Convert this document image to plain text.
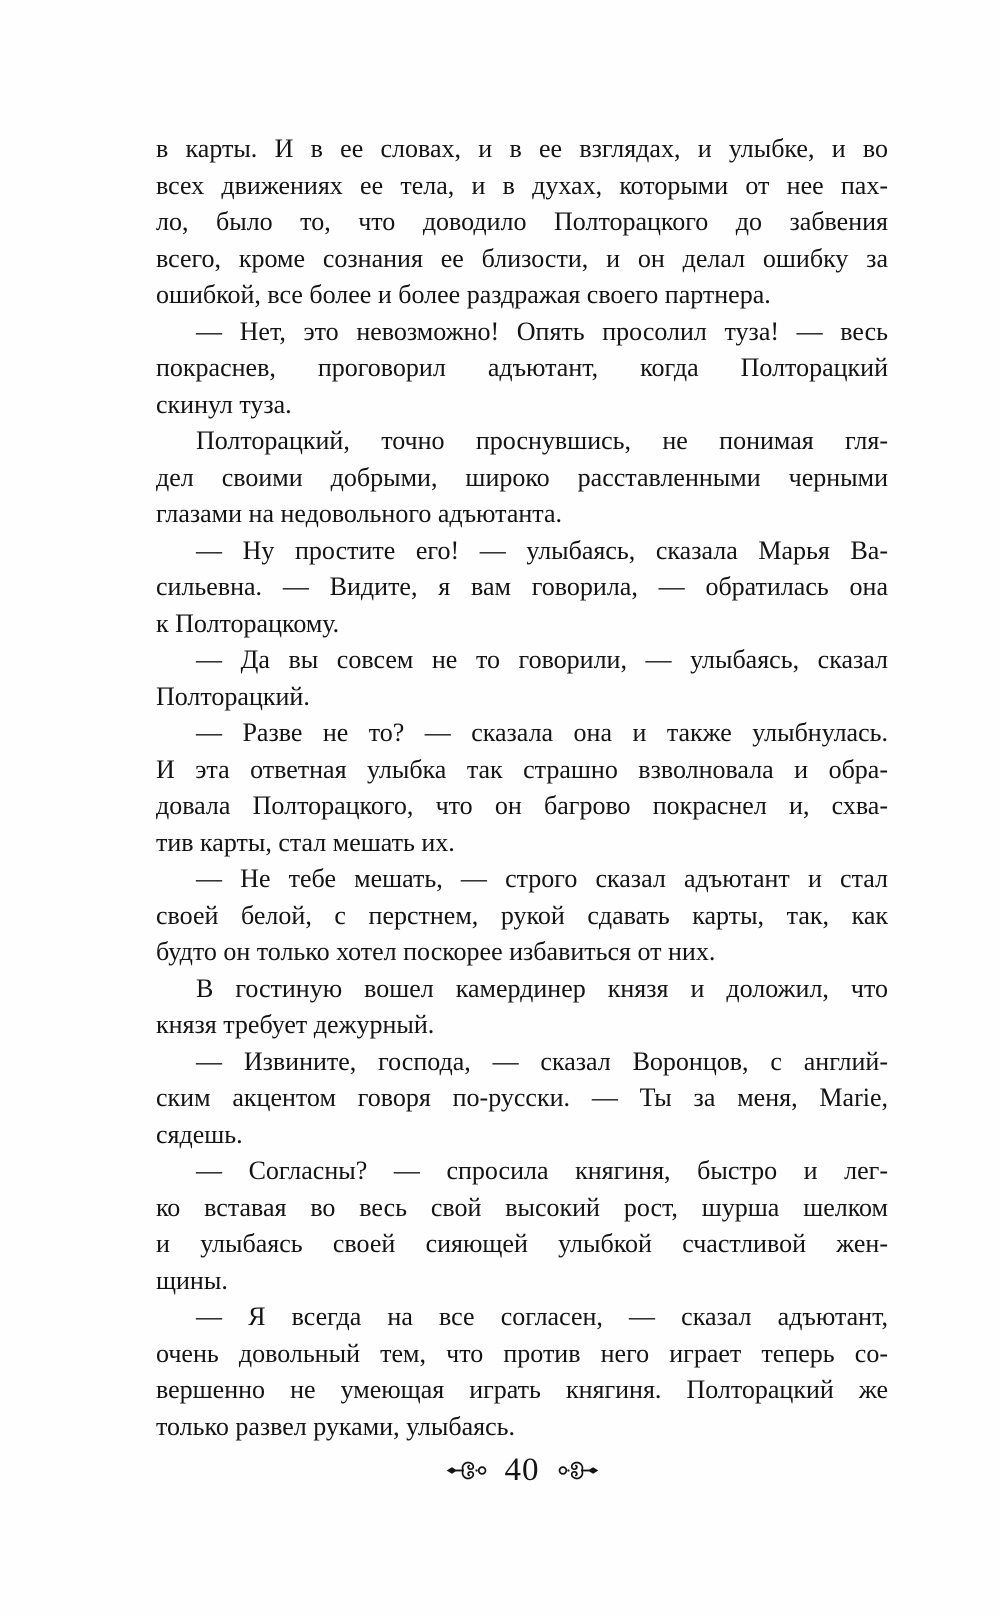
в карты. И в ее словах, и в ее взглядах, и улыбке, и во
всех движениях ее тела, и в духах, которыми от нее пах-
ло, было то, что доводило Полторацкого до забвения
всего, кроме сознания ее близости, и он делал ошибку за
ошибкой, все более и более раздражая своего партнера.
— Нет, это невозможно! Опять просолил туза! — весь
покраснев, проговорил адъютант, когда Полторацкий
скинул туза.
Полторацкий, точно проснувшись, не понимая гля-
дел своими добрыми, широко расставленными черными
глазами на недовольного адъютанта.
— Ну простите его! — улыбаясь, сказала Марья Ва-
сильевна. — Видите, я вам говорила, — обратилась она
к Полторацкому.
— Да вы совсем не то говорили, — улыбаясь, сказал
Полторацкий.
— Разве не то? — сказала она и также улыбнулась.
И эта ответная улыбка так страшно взволновала и обра-
довала Полторацкого, что он багрово покраснел и, схва-
тив карты, стал мешать их.
— Не тебе мешать, — строго сказал адъютант и стал
своей белой, с перстнем, рукой сдавать карты, так, как
будто он только хотел поскорее избавиться от них.
В гостиную вошел камердинер князя и доложил, что
князя требует дежурный.
— Извините, господа, — сказал Воронцов, с англий-
ским акцентом говоря по-русски. — Ты за меня, Marie,
сядешь.
— Согласны? — спросила княгиня, быстро и лег-
ко вставая во весь свой высокий рост, шурша шелком
и улыбаясь своей сияющей улыбкой счастливой жен-
щины.
— Я всегда на все согласен, — сказал адъютант,
очень довольный тем, что против него играет теперь со-
вершенно не умеющая играть княгиня. Полторацкий же
только развел руками, улыбаясь.
40
